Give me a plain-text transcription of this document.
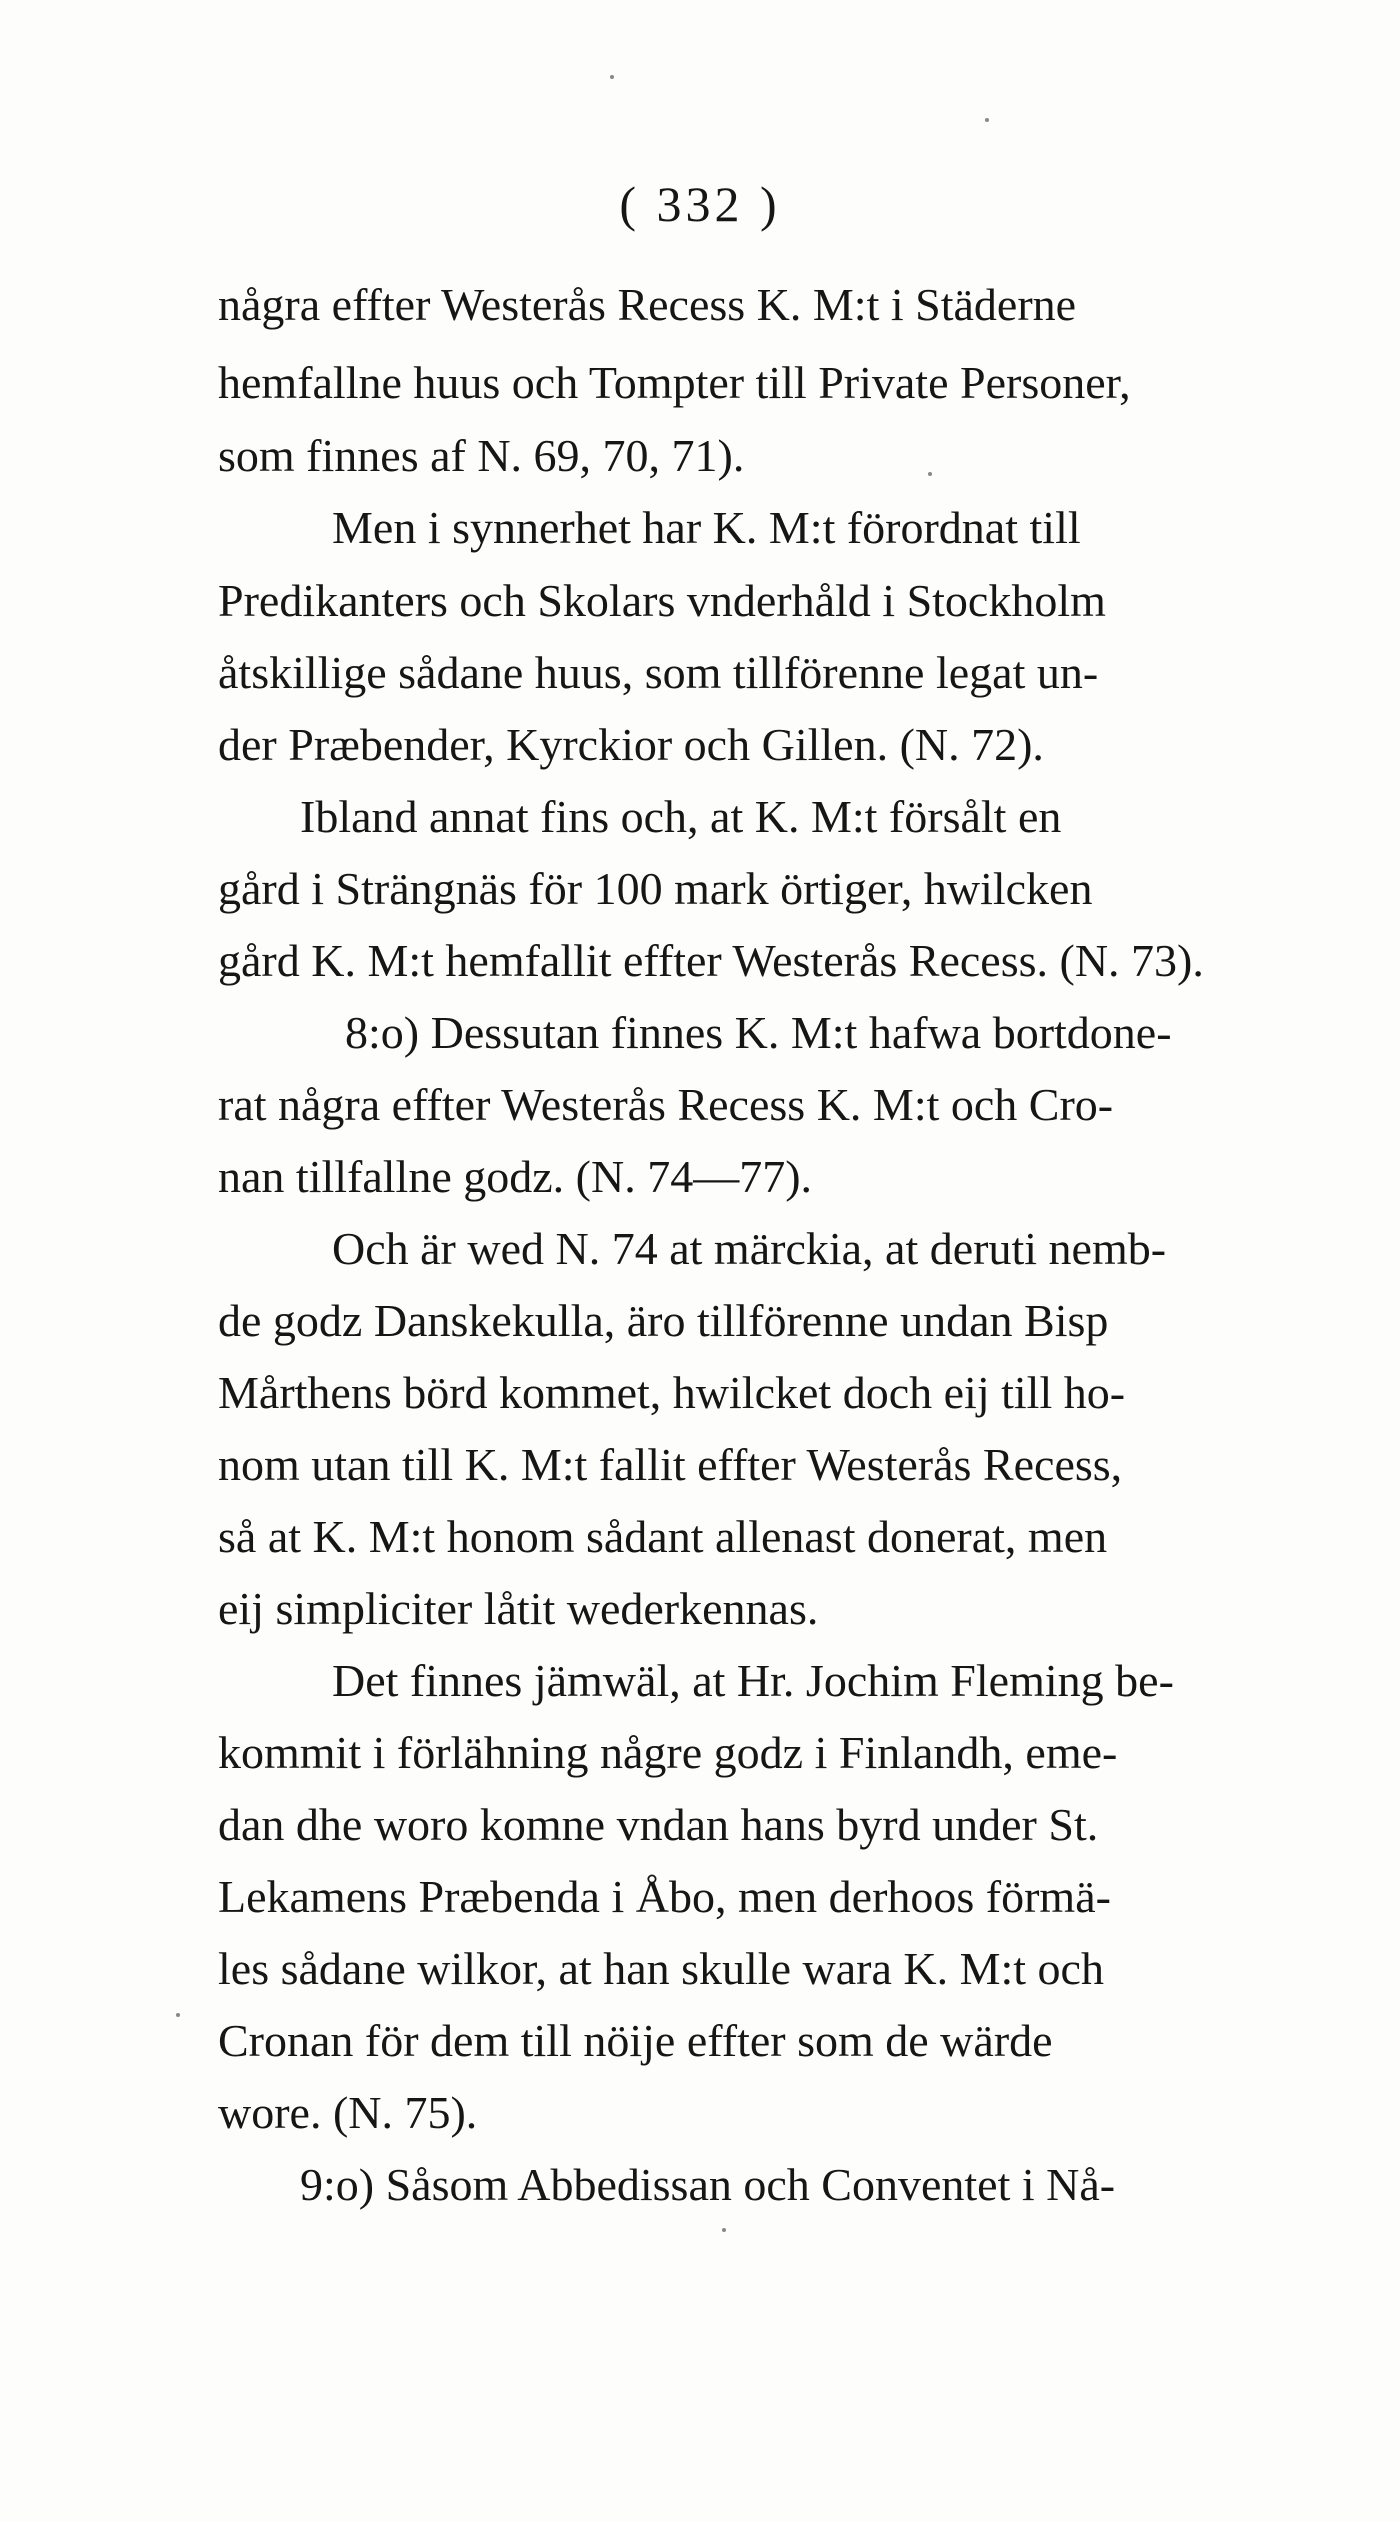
( 332 )
några effter Westerås Recess K. M:t i Städerne
hemfallne huus och Tompter till Private Personer,
som finnes af N. 69, 70, 71).
Men i synnerhet har K. M:t förordnat till
Predikanters och Skolars vnderhåld i Stockholm
åtskillige sådane huus, som tillförenne legat un-
der Præbender, Kyrckior och Gillen. (N. 72).
Ibland annat fins och, at K. M:t försålt en
gård i Strängnäs för 100 mark örtiger, hwilcken
gård K. M:t hemfallit effter Westerås Recess. (N. 73).
8:o) Dessutan finnes K. M:t hafwa bortdone-
rat några effter Westerås Recess K. M:t och Cro-
nan tillfallne godz. (N. 74—77).
Och är wed N. 74 at märckia, at deruti nemb-
de godz Danskekulla, äro tillförenne undan Bisp
Mårthens börd kommet, hwilcket doch eij till ho-
nom utan till K. M:t fallit effter Westerås Recess,
så at K. M:t honom sådant allenast donerat, men
eij simpliciter låtit wederkennas.
Det finnes jämwäl, at Hr. Jochim Fleming be-
kommit i förlähning någre godz i Finlandh, eme-
dan dhe woro komne vndan hans byrd under St.
Lekamens Præbenda i Åbo, men derhoos förmä-
les sådane wilkor, at han skulle wara K. M:t och
Cronan för dem till nöije effter som de wärde
wore. (N. 75).
9:o) Såsom Abbedissan och Conventet i Nå-
